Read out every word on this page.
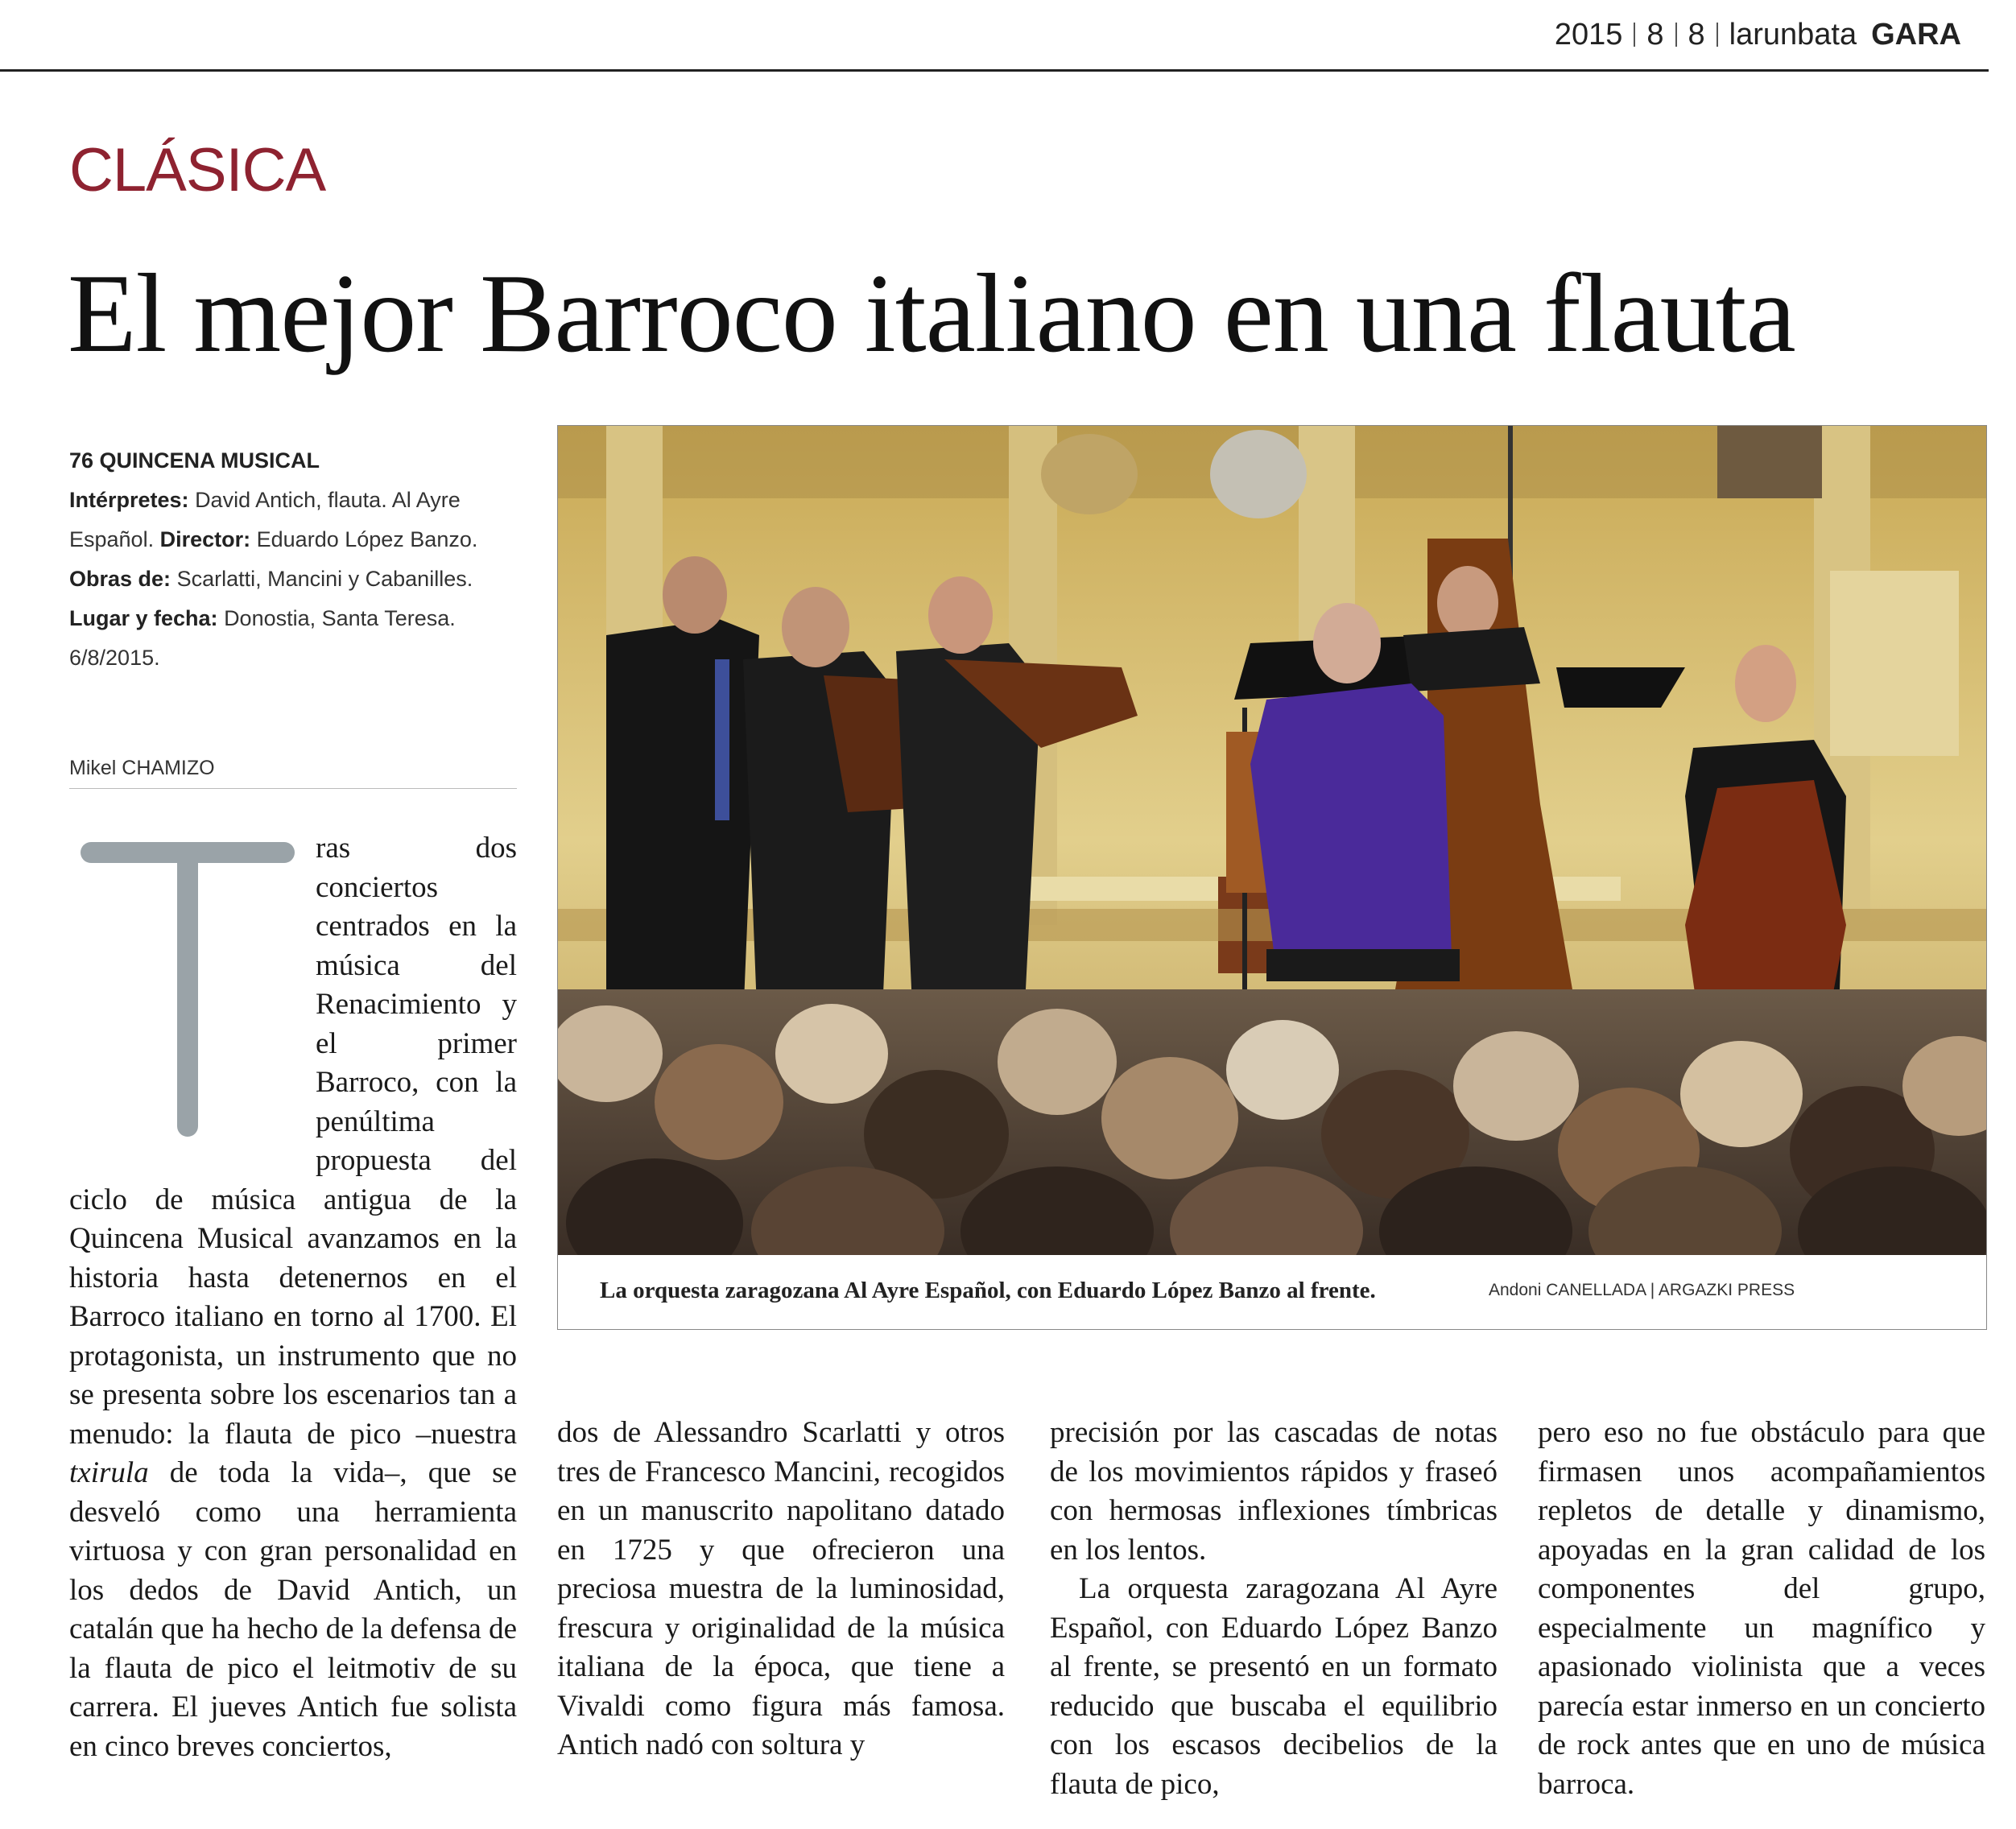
2015 8 8 larunbata GARA
CLÁSICA
El mejor Barroco italiano en una flauta
76 QUINCENA MUSICAL
Intérpretes: David Antich, flauta. Al Ayre Español. Director: Eduardo López Banzo. Obras de: Scarlatti, Mancini y Cabanilles. Lugar y fecha: Donostia, Santa Teresa. 6/8/2015.
Mikel CHAMIZO
La orquesta zaragozana Al Ayre Español, con Eduardo López Banzo al frente.	Andoni CANELLADA | ARGAZKI PRESS

ras dos conciertos centrados en la música del Renacimiento y el primer Barroco, con la penúltima propuesta del ciclo de música antigua de la Quincena Musical avanzamos en la historia hasta detenernos en el Barroco italiano en torno al 1700. El protagonista, un instrumento que no se presenta sobre los escenarios tan a menudo: la flauta de pico –nuestra txirula de toda la vida–, que se desveló como una herramienta virtuosa y con gran personalidad en los dedos de David Antich, un catalán que ha hecho de la defensa de la flauta de pico el leitmotiv de su carrera. El jueves Antich fue solista en cinco breves conciertos,

dos de Alessandro Scarlatti y otros tres de Francesco Mancini, recogidos en un manuscrito napolitano datado en 1725 y que ofrecieron una preciosa muestra de la luminosidad, frescura y originalidad de la música italiana de la época, que tiene a Vivaldi como figura más famosa. Antich nadó con soltura y

precisión por las cascadas de notas de los movimientos rápidos y fraseó con hermosas inflexiones tímbricas en los lentos.

La orquesta zaragozana Al Ayre Español, con Eduardo López Banzo al frente, se presentó en un formato reducido que buscaba el equilibrio con los escasos decibelios de la flauta de pico,

pero eso no fue obstáculo para que firmasen unos acompañamientos repletos de detalle y dinamismo, apoyadas en la gran calidad de los componentes del grupo, especialmente un magnífico y apasionado violinista que a veces parecía estar inmerso en un concierto de rock antes que en uno de música barroca.
